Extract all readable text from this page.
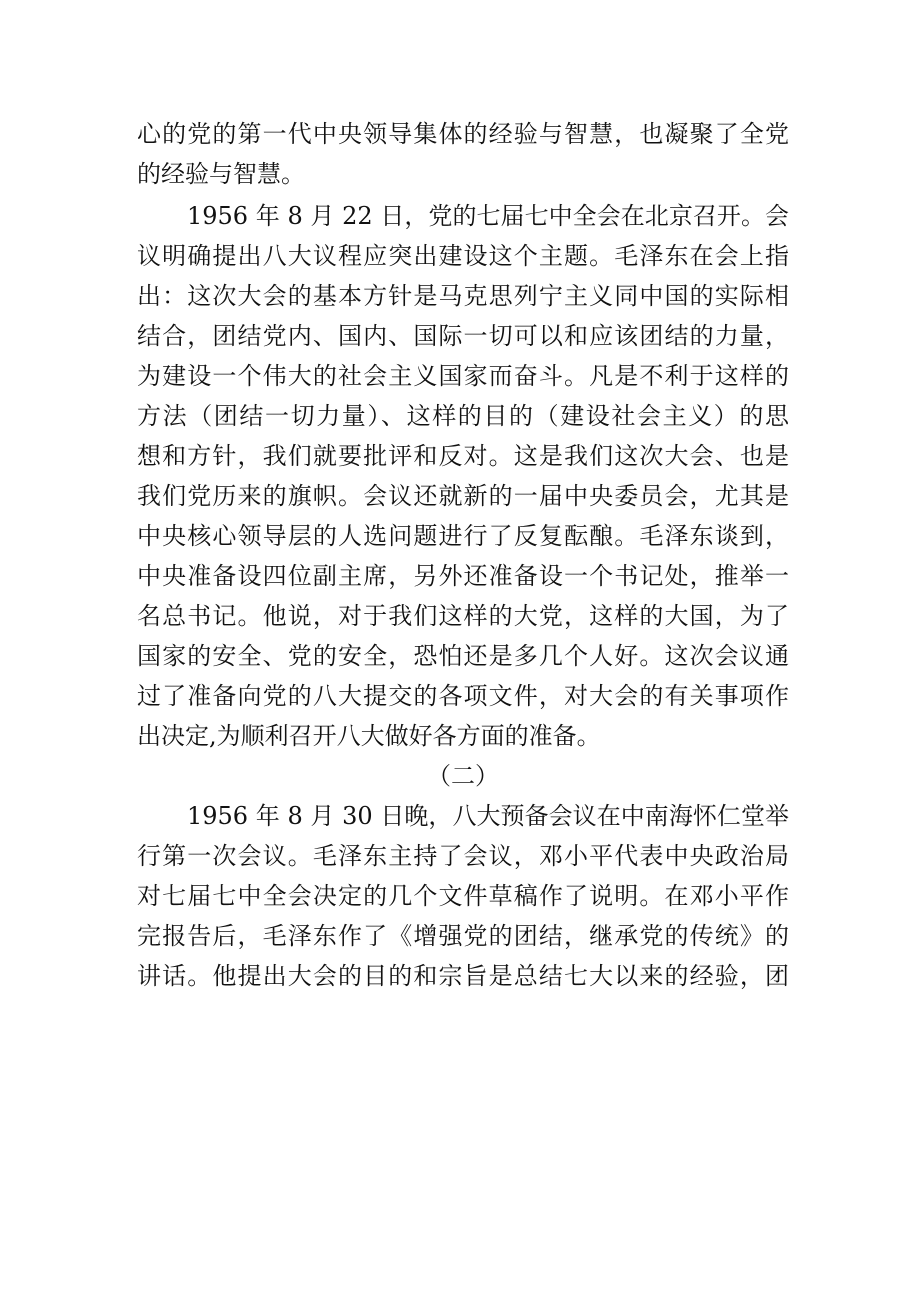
心的党的第一代中央领导集体的经验与智慧，也凝聚了全党
的经验与智慧。
1956 年 8 月 22 日，党的七届七中全会在北京召开。会
议明确提出八大议程应突出建设这个主题。毛泽东在会上指
出：这次大会的基本方针是马克思列宁主义同中国的实际相
结合，团结党内、国内、国际一切可以和应该团结的力量，
为建设一个伟大的社会主义国家而奋斗。凡是不利于这样的
方法（团结一切力量）、这样的目的（建设社会主义）的思
想和方针，我们就要批评和反对。这是我们这次大会、也是
我们党历来的旗帜。会议还就新的一届中央委员会，尤其是
中央核心领导层的人选问题进行了反复酝酿。毛泽东谈到，
中央准备设四位副主席，另外还准备设一个书记处，推举一
名总书记。他说，对于我们这样的大党，这样的大国，为了
国家的安全、党的安全，恐怕还是多几个人好。这次会议通
过了准备向党的八大提交的各项文件，对大会的有关事项作
出决定,为顺利召开八大做好各方面的准备。
（二）
1956 年 8 月 30 日晚，八大预备会议在中南海怀仁堂举
行第一次会议。毛泽东主持了会议，邓小平代表中央政治局
对七届七中全会决定的几个文件草稿作了说明。在邓小平作
完报告后，毛泽东作了《增强党的团结，继承党的传统》的
讲话。他提出大会的目的和宗旨是总结七大以来的经验，团
